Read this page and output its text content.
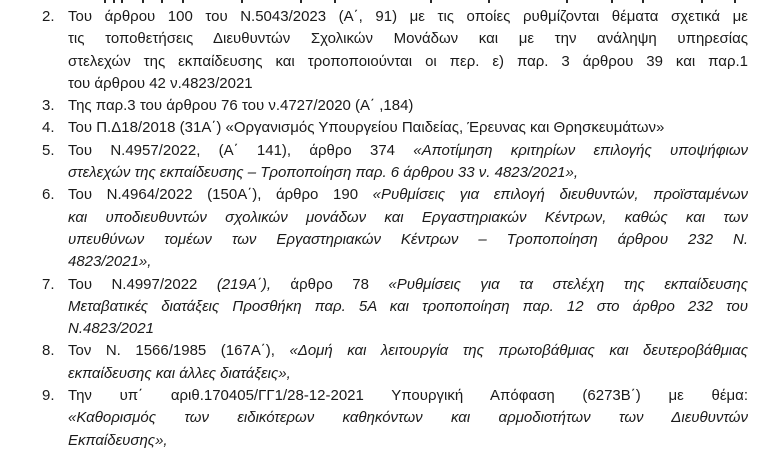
2. Του άρθρου 100 του Ν.5043/2023 (Α΄, 91) με τις οποίες ρυθμίζονται θέματα σχετικά με
τις τοποθετήσεις Διευθυντών Σχολικών Μονάδων και με την ανάληψη υπηρεσίας
στελεχών της εκπαίδευσης και τροποποιούνται οι περ. ε) παρ. 3 άρθρου 39 και παρ.1
του άρθρου 42 ν.4823/2021
3. Της παρ.3 του άρθρου 76 του ν.4727/2020 (Α΄ ,184)
4. Του Π.Δ18/2018 (31Α΄) «Οργανισμός Υπουργείου Παιδείας, Έρευνας και Θρησκευμάτων»
5. Του Ν.4957/2022, (Α΄ 141), άρθρο 374 «Αποτίμηση κριτηρίων επιλογής υποψήφιων
στελεχών της εκπαίδευσης – Τροποποίηση παρ. 6 άρθρου 33 ν. 4823/2021»,
6. Του Ν.4964/2022 (150Α΄), άρθρο 190 «Ρυθμίσεις για επιλογή διευθυντών, προϊσταμένων
και υποδιευθυντών σχολικών μονάδων και Εργαστηριακών Κέντρων, καθώς και των
υπευθύνων τομέων των Εργαστηριακών Κέντρων – Τροποποίηση άρθρου 232 Ν.
4823/2021»,
7. Του Ν.4997/2022 (219Α΄), άρθρο 78 «Ρυθμίσεις για τα στελέχη της εκπαίδευσης
Μεταβατικές διατάξεις Προσθήκη παρ. 5Α και τροποποίηση παρ. 12 στο άρθρο 232 του
Ν.4823/2021
8. Τον Ν. 1566/1985 (167Α΄), «Δομή και λειτουργία της πρωτοβάθμιας και δευτεροβάθμιας
εκπαίδευσης και άλλες διατάξεις»,
9. Την υπ΄ αριθ.170405/ΓΓ1/28-12-2021 Υπουργική Απόφαση (6273Β΄) με θέμα:
«Καθορισμός των ειδικότερων καθηκόντων και αρμοδιοτήτων των Διευθυντών
Εκπαίδευσης»,
